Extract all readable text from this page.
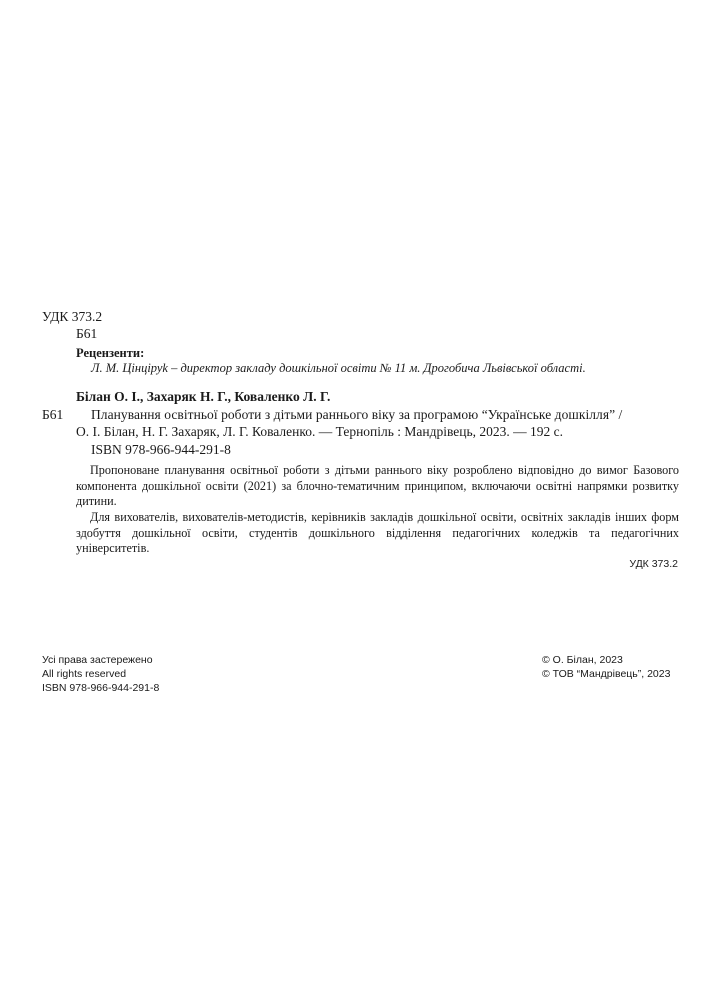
УДК 373.2
Б61
Рецензенти:
Л. М. Цінціруk – директор закладу дошкільної освіти № 11 м. Дрогобича Львівської області.
Білан О. І., Захаряк Н. Г., Коваленко Л. Г.
Б61 Планування освітньої роботи з дітьми раннього віку за програмою “Українське дошкілля” /
О. І. Білан, Н. Г. Захаряк, Л. Г. Коваленко. — Тернопіль : Мандрівець, 2023. — 192 с.
ISBN 978-966-944-291-8
Пропоноване планування освітньої роботи з дітьми раннього віку розроблено відповідно до вимог Базового компонента дошкільної освіти (2021) за блочно-тематичним принципом, включаючи освітні напрямки розвитку дитини.
Для вихователів, вихователів-методистів, керівників закладів дошкільної освіти, освітніх закладів інших форм здобуття дошкільної освіти, студентів дошкільного відділення педагогічних коледжів та педагогічних університетів.
УДК 373.2
Усі права застережено
All rights reserved
ISBN 978-966-944-291-8
© О. Білан, 2023
© ТОВ “Мандрівець”, 2023
